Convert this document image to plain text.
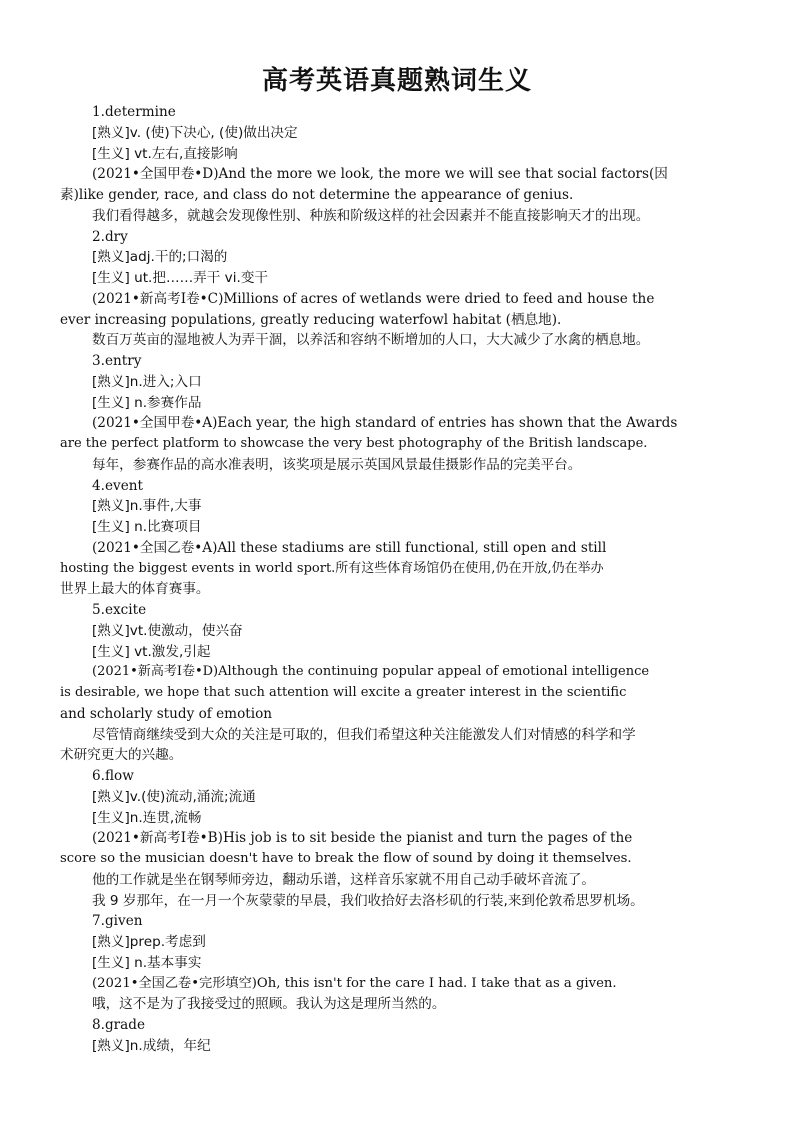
高考英语真题熟词生义
1.determine
[熟义]v. (使)下决心, (使)做出决定
[生义] vt.左右,直接影响
(2021•全国甲卷•D)And the more we look, the more we will see that social factors(因
素)like gender, race, and class do not determine the appearance of genius.
我们看得越多，就越会发现像性别、种族和阶级这样的社会因素并不能直接影响天才的出现。
2.dry
[熟义]adj.干的;口渴的
[生义] ut.把……弄干 vi.变干
(2021•新高考Ⅰ卷•C)Millions of acres of wetlands were dried to feed and house the
ever increasing populations, greatly reducing waterfowl habitat (栖息地).
数百万英亩的湿地被人为弄干涸，以养活和容纳不断增加的人口，大大减少了水禽的栖息地。
3.entry
[熟义]n.进入;入口
[生义] n.参赛作品
(2021•全国甲卷•A)Each year, the high standard of entries has shown that the Awards
are the perfect platform to showcase the very best photography of the British landscape.
每年，参赛作品的高水准表明，该奖项是展示英国风景最佳摄影作品的完美平台。
4.event
[熟义]n.事件,大事
[生义] n.比赛项目
(2021•全国乙卷•A)All these stadiums are still functional, still open and still
hosting the biggest events in world sport.所有这些体育场馆仍在使用,仍在开放,仍在举办
世界上最大的体育赛事。
5.excite
[熟义]vt.使激动，使兴奋
[生义] vt.激发,引起
(2021•新高考Ⅰ卷•D)Although the continuing popular appeal of emotional intelligence
is desirable, we hope that such attention will excite a greater interest in the scientific
and scholarly study of emotion
尽管情商继续受到大众的关注是可取的，但我们希望这种关注能激发人们对情感的科学和学
术研究更大的兴趣。
6.flow
[熟义]v.(使)流动,涌流;流通
[生义]n.连贯,流畅
(2021•新高考Ⅰ卷•B)His job is to sit beside the pianist and turn the pages of the
score so the musician doesn't have to break the flow of sound by doing it themselves.
他的工作就是坐在钢琴师旁边，翻动乐谱，这样音乐家就不用自己动手破坏音流了。
我 9 岁那年，在一月一个灰蒙蒙的早晨，我们收拾好去洛杉矶的行装,来到伦敦希思罗机场。
7.given
[熟义]prep.考虑到
[生义] n.基本事实
(2021•全国乙卷•完形填空)Oh, this isn't for the care I had. I take that as a given.
哦，这不是为了我接受过的照顾。我认为这是理所当然的。
8.grade
[熟义]n.成绩，年纪
